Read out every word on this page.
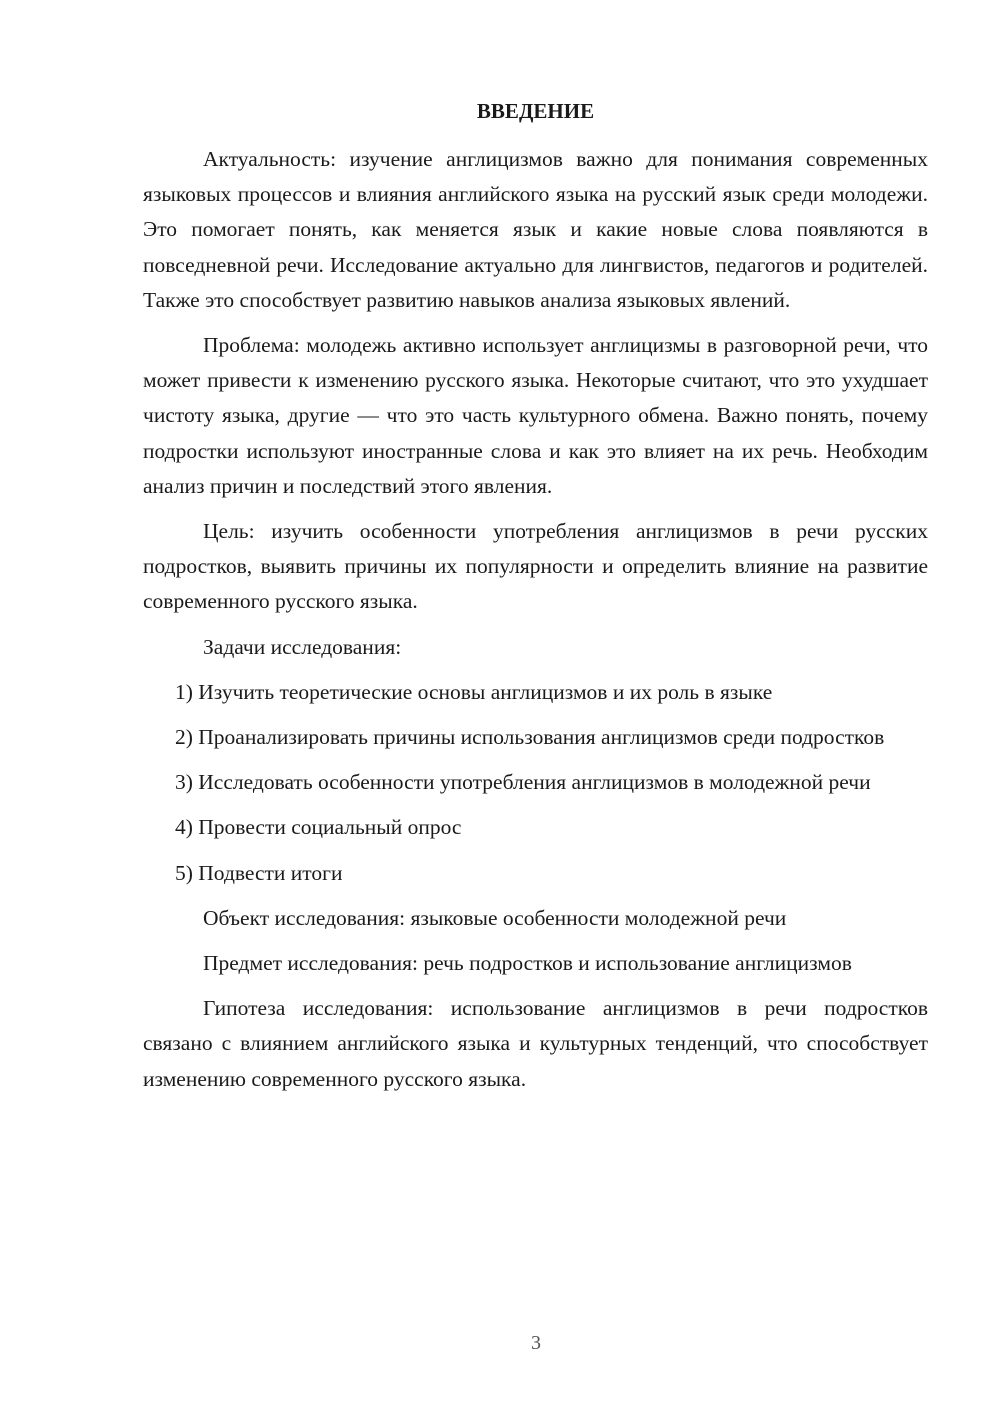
ВВЕДЕНИЕ

Актуальность: изучение англицизмов важно для понимания современных языковых процессов и влияния английского языка на русский язык среди молодежи. Это помогает понять, как меняется язык и какие новые слова появляются в повседневной речи. Исследование актуально для лингвистов, педагогов и родителей. Также это способствует развитию навыков анализа языковых явлений.

Проблема: молодежь активно использует англицизмы в разговорной речи, что может привести к изменению русского языка. Некоторые считают, что это ухудшает чистоту языка, другие — что это часть культурного обмена. Важно понять, почему подростки используют иностранные слова и как это влияет на их речь. Необходим анализ причин и последствий этого явления.

Цель: изучить особенности употребления англицизмов в речи русских подростков, выявить причины их популярности и определить влияние на развитие современного русского языка.

Задачи исследования:

1) Изучить теоретические основы англицизмов и их роль в языке

2) Проанализировать причины использования англицизмов среди подростков

3) Исследовать особенности употребления англицизмов в молодежной речи

4) Провести социальный опрос

5) Подвести итоги

Объект исследования: языковые особенности молодежной речи

Предмет исследования: речь подростков и использование англицизмов

Гипотеза исследования: использование англицизмов в речи подростков связано с влиянием английского языка и культурных тенденций, что способствует изменению современного русского языка.

3
